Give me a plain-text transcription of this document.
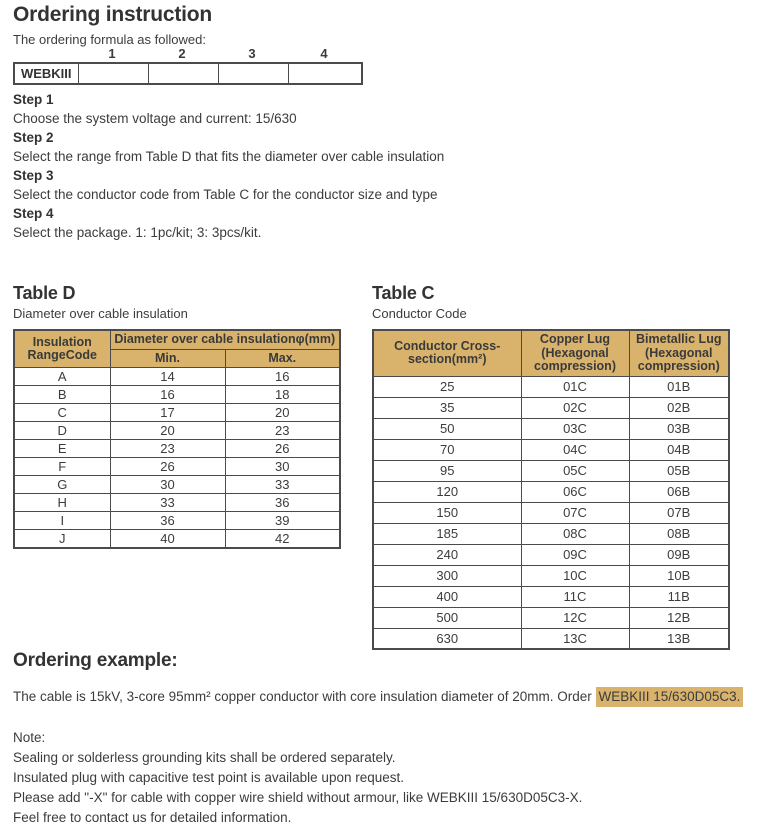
Ordering instruction

The ordering formula as followed:

1	2	3	4
WEBKIII				
Step 1
Choose the system voltage and current: 15/630
Step 2
Select the range from Table D that fits the diameter over cable insulation
Step 3
Select the conductor code from Table C for the conductor size and type
Step 4
Select the package. 1: 1pc/kit; 3: 3pcs/kit.
Table D

Diameter over cable insulation

Insulation RangeCode	Diameter over cable insulationφ(mm)	
	Min.	Max.
A	14	16
B	16	18
C	17	20
D	20	23
E	23	26
F	26	30
G	30	33
H	33	36
I	36	39
J	40	42
Table C

Conductor Code

Conductor Cross-section(mm²)	Copper Lug (Hexagonal compression)	Bimetallic Lug (Hexagonal compression)
25	01C	01B
35	02C	02B
50	03C	03B
70	04C	04B
95	05C	05B
120	06C	06B
150	07C	07B
185	08C	08B
240	09C	09B
300	10C	10B
400	11C	11B
500	12C	12B
630	13C	13B
Ordering example:

The cable is 15kV, 3-core 95mm² copper conductor with core insulation diameter of 20mm. Order WEBKIII 15/630D05C3.

Note:

Sealing or solderless grounding kits shall be ordered separately.

Insulated plug with capacitive test point is available upon request.

Please add "-X" for cable with copper wire shield without armour, like WEBKIII 15/630D05C3-X.

Feel free to contact us for detailed information.
